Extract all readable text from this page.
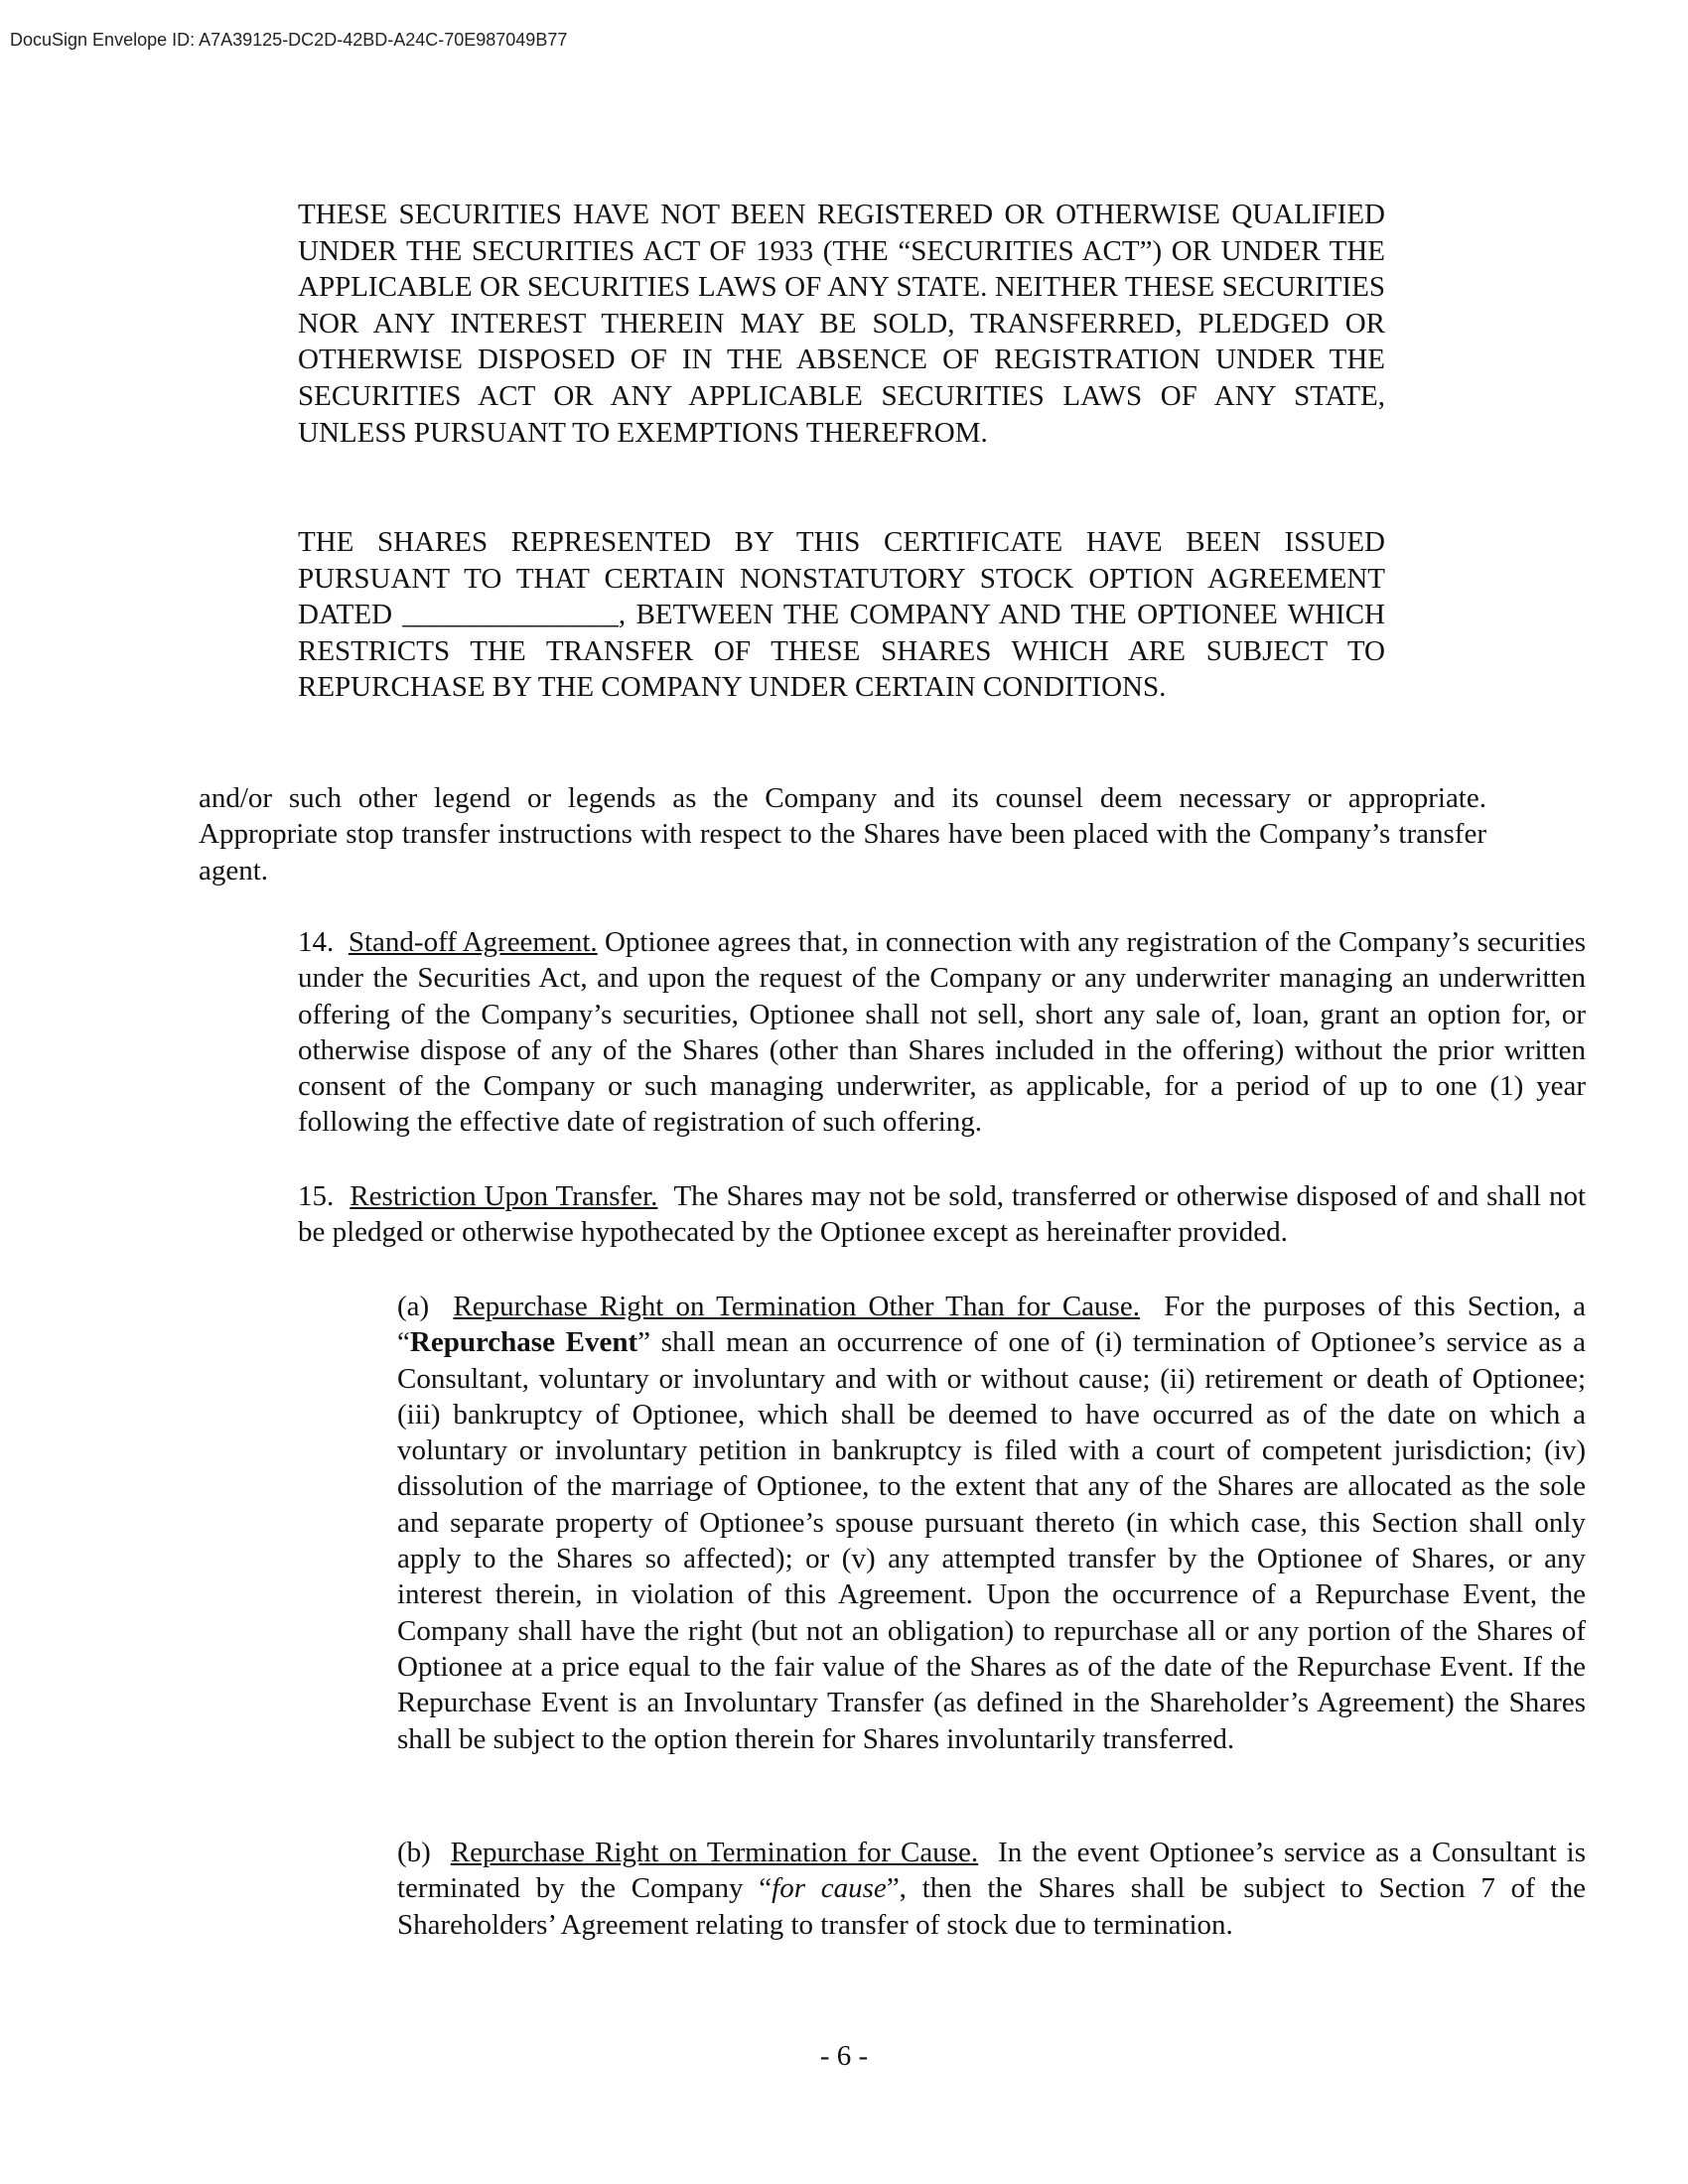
DocuSign Envelope ID: A7A39125-DC2D-42BD-A24C-70E987049B77
THESE SECURITIES HAVE NOT BEEN REGISTERED OR OTHERWISE QUALIFIED UNDER THE SECURITIES ACT OF 1933 (THE “SECURITIES ACT”) OR UNDER THE APPLICABLE OR SECURITIES LAWS OF ANY STATE. NEITHER THESE SECURITIES NOR ANY INTEREST THEREIN MAY BE SOLD, TRANSFERRED, PLEDGED OR OTHERWISE DISPOSED OF IN THE ABSENCE OF REGISTRATION UNDER THE SECURITIES ACT OR ANY APPLICABLE SECURITIES LAWS OF ANY STATE, UNLESS PURSUANT TO EXEMPTIONS THEREFROM.
THE SHARES REPRESENTED BY THIS CERTIFICATE HAVE BEEN ISSUED PURSUANT TO THAT CERTAIN NONSTATUTORY STOCK OPTION AGREEMENT DATED _______________, BETWEEN THE COMPANY AND THE OPTIONEE WHICH RESTRICTS THE TRANSFER OF THESE SHARES WHICH ARE SUBJECT TO REPURCHASE BY THE COMPANY UNDER CERTAIN CONDITIONS.
and/or such other legend or legends as the Company and its counsel deem necessary or appropriate. Appropriate stop transfer instructions with respect to the Shares have been placed with the Company’s transfer agent.
14. Stand-off Agreement. Optionee agrees that, in connection with any registration of the Company’s securities under the Securities Act, and upon the request of the Company or any underwriter managing an underwritten offering of the Company’s securities, Optionee shall not sell, short any sale of, loan, grant an option for, or otherwise dispose of any of the Shares (other than Shares included in the offering) without the prior written consent of the Company or such managing underwriter, as applicable, for a period of up to one (1) year following the effective date of registration of such offering.
15. Restriction Upon Transfer. The Shares may not be sold, transferred or otherwise disposed of and shall not be pledged or otherwise hypothecated by the Optionee except as hereinafter provided.
(a) Repurchase Right on Termination Other Than for Cause. For the purposes of this Section, a “Repurchase Event” shall mean an occurrence of one of (i) termination of Optionee’s service as a Consultant, voluntary or involuntary and with or without cause; (ii) retirement or death of Optionee; (iii) bankruptcy of Optionee, which shall be deemed to have occurred as of the date on which a voluntary or involuntary petition in bankruptcy is filed with a court of competent jurisdiction; (iv) dissolution of the marriage of Optionee, to the extent that any of the Shares are allocated as the sole and separate property of Optionee’s spouse pursuant thereto (in which case, this Section shall only apply to the Shares so affected); or (v) any attempted transfer by the Optionee of Shares, or any interest therein, in violation of this Agreement. Upon the occurrence of a Repurchase Event, the Company shall have the right (but not an obligation) to repurchase all or any portion of the Shares of Optionee at a price equal to the fair value of the Shares as of the date of the Repurchase Event. If the Repurchase Event is an Involuntary Transfer (as defined in the Shareholder’s Agreement) the Shares shall be subject to the option therein for Shares involuntarily transferred.
(b) Repurchase Right on Termination for Cause. In the event Optionee’s service as a Consultant is terminated by the Company “for cause”, then the Shares shall be subject to Section 7 of the Shareholders’ Agreement relating to transfer of stock due to termination.
- 6 -
